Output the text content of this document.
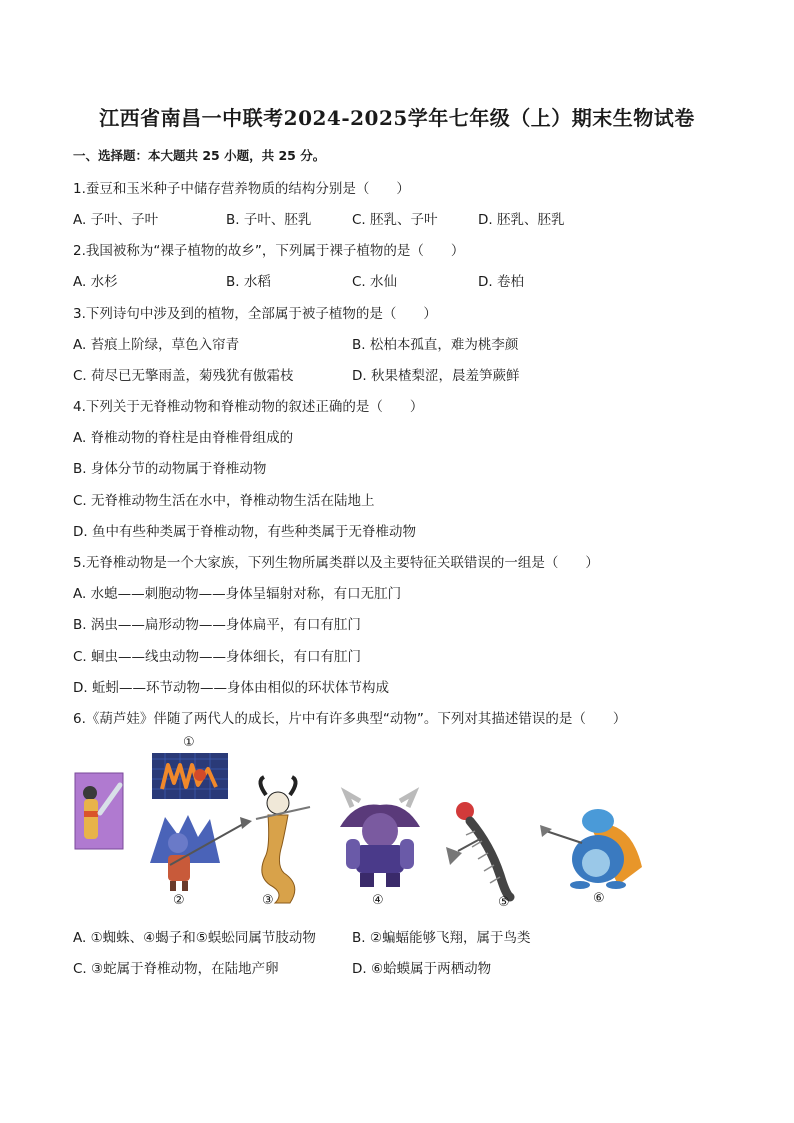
江西省南昌一中联考2024-2025学年七年级（上）期末生物试卷
一、选择题：本大题共 25 小题，共 25 分。
1.蚕豆和玉米种子中储存营养物质的结构分别是（　　）
A. 子叶、子叶	B. 子叶、胚乳	C. 胚乳、子叶	D. 胚乳、胚乳
2.我国被称为“裸子植物的故乡”，下列属于裸子植物的是（　　）
A. 水杉	B. 水稻	C. 水仙	D. 卷柏
3.下列诗句中涉及到的植物，全部属于被子植物的是（　　）
A. 苔痕上阶绿，草色入帘青	B. 松柏本孤直，难为桃李颜
C. 荷尽已无擎雨盖，菊残犹有傲霜枝	D. 秋果楂梨涩，晨羞笋蕨鲜
4.下列关于无脊椎动物和脊椎动物的叙述正确的是（　　）
A. 脊椎动物的脊柱是由脊椎骨组成的
B. 身体分节的动物属于脊椎动物
C. 无脊椎动物生活在水中，脊椎动物生活在陆地上
D. 鱼中有些种类属于脊椎动物，有些种类属于无脊椎动物
5.无脊椎动物是一个大家族，下列生物所属类群以及主要特征关联错误的一组是（　　）
A. 水螅——刺胞动物——身体呈辐射对称，有口无肛门
B. 涡虫——扁形动物——身体扁平，有口有肛门
C. 蛔虫——线虫动物——身体细长，有口有肛门
D. 蚯蚓——环节动物——身体由相似的环状体节构成
6.《葫芦娃》伴随了两代人的成长，片中有许多典型“动物”。下列对其描述错误的是（　　）
①
②	③	④	⑤	⑥
A. ①蜘蛛、④蝎子和⑤蜈蚣同属节肢动物	B. ②蝙蝠能够飞翔，属于鸟类
C. ③蛇属于脊椎动物，在陆地产卵	D. ⑥蛤蟆属于两栖动物
